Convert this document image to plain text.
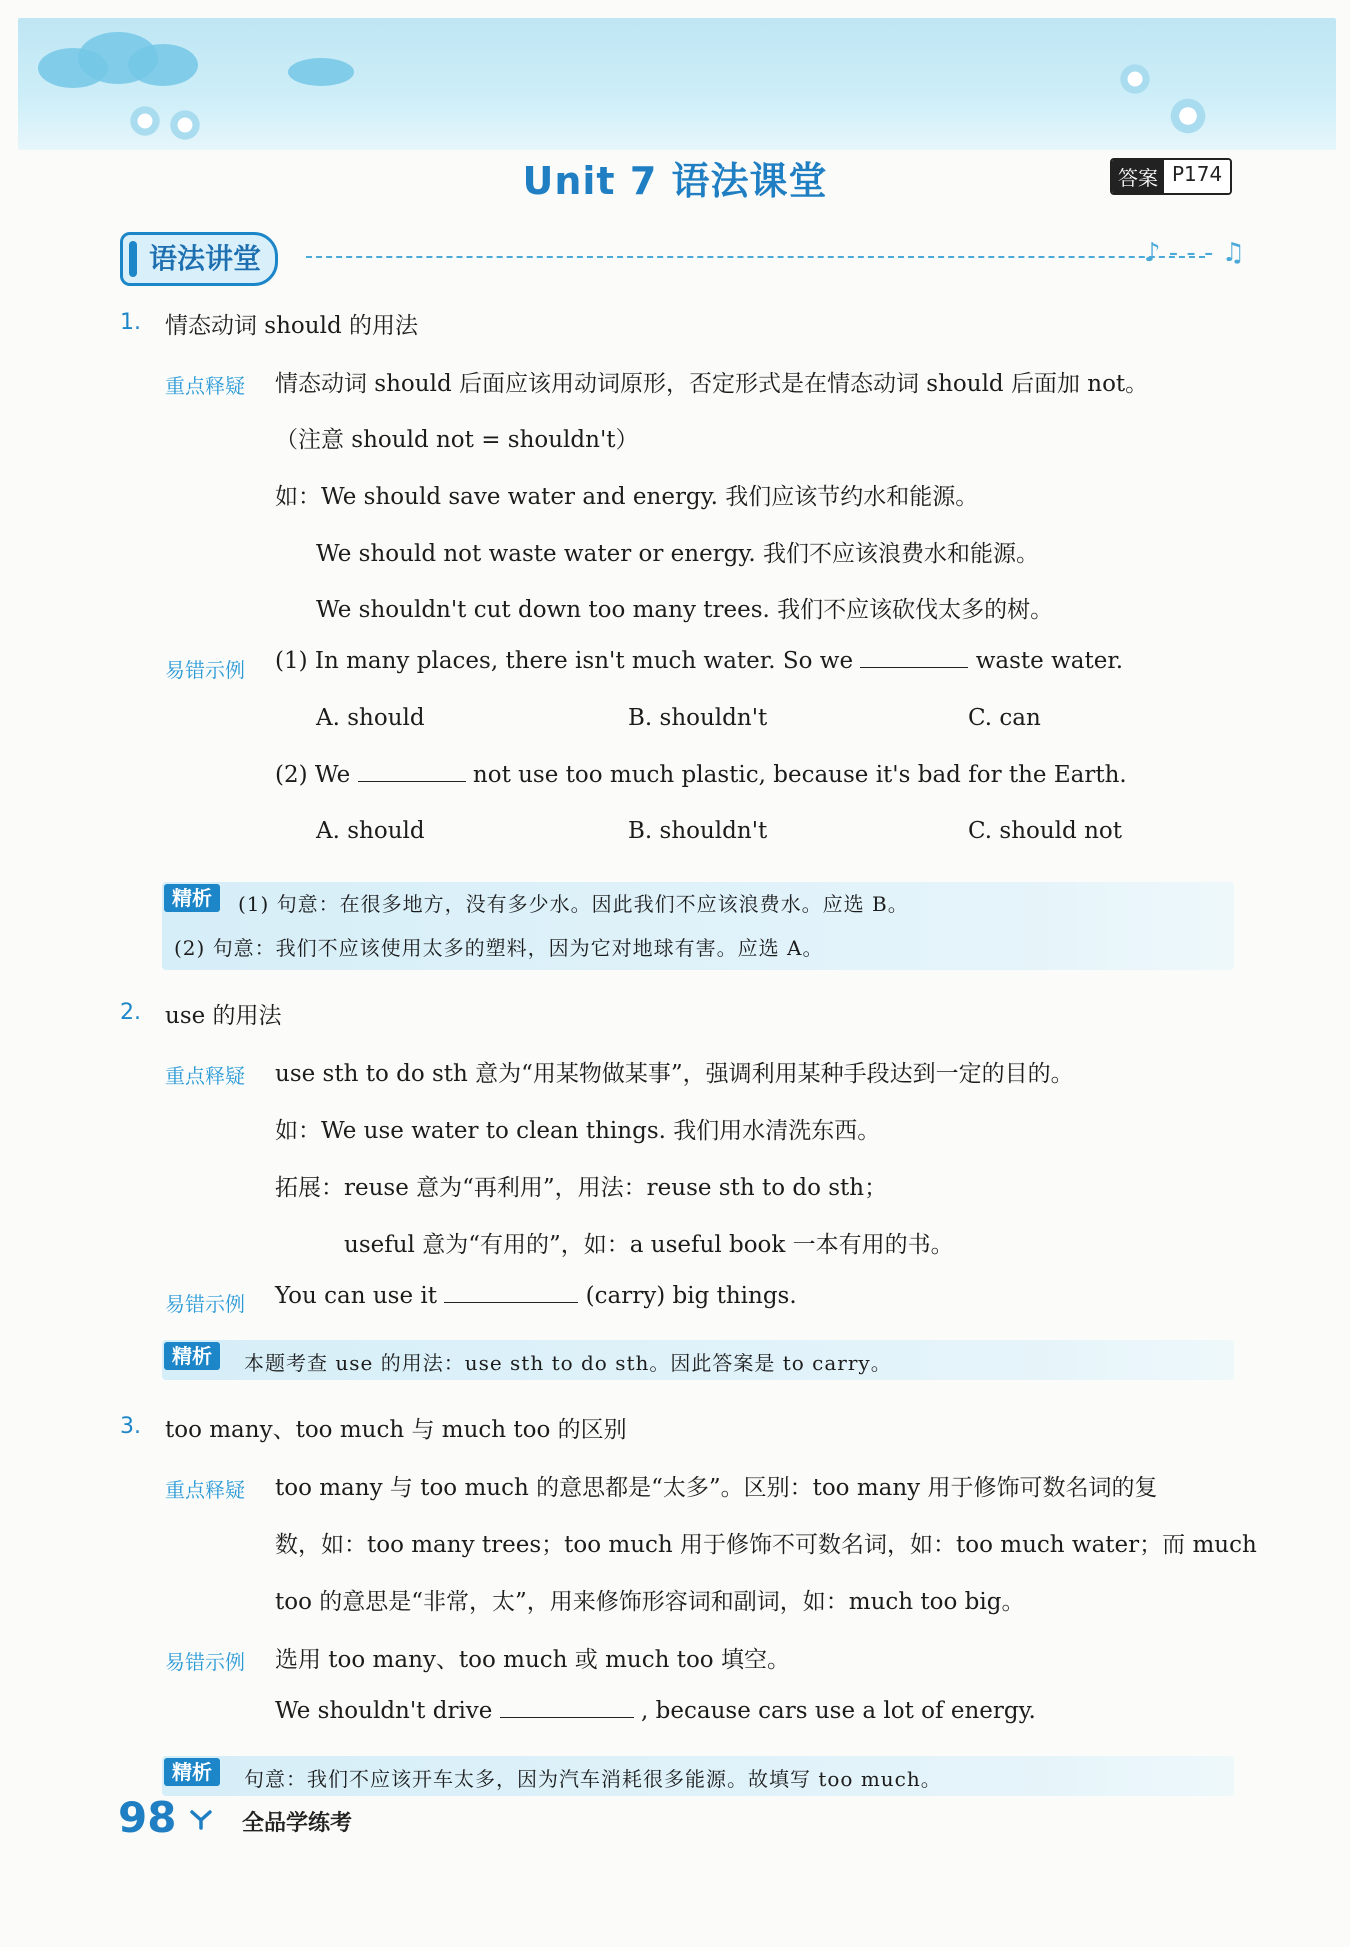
Unit 7 语法课堂	答案 P174
语法讲堂	♪ - - - ♫
1. 情态动词 should 的用法
重点释疑 情态动词 should 后面应该用动词原形，否定形式是在情态动词 should 后面加 not。
（注意 should not = shouldn't）
如：We should save water and energy. 我们应该节约水和能源。
We should not waste water or energy. 我们不应该浪费水和能源。
We shouldn't cut down too many trees. 我们不应该砍伐太多的树。
易错示例 (1) In many places, there isn't much water. So we	waste water.
A. should	B. shouldn't	C. can
(2) We	not use too much plastic, because it's bad for the Earth.
A. should	B. shouldn't	C. should not
精析	(1) 句意：在很多地方，没有多少水。因此我们不应该浪费水。应选 B。
(2) 句意：我们不应该使用太多的塑料，因为它对地球有害。应选 A。
2. use 的用法
重点释疑 use sth to do sth 意为“用某物做某事”，强调利用某种手段达到一定的目的。
如：We use water to clean things. 我们用水清洗东西。
拓展：reuse 意为“再利用”，用法：reuse sth to do sth；
useful 意为“有用的”，如：a useful book 一本有用的书。
易错示例 You can use it	(carry) big things.
精析	本题考查 use 的用法：use sth to do sth。因此答案是 to carry。
3. too many、too much 与 much too 的区别
重点释疑 too many 与 too much 的意思都是“太多”。区别：too many 用于修饰可数名词的复
数，如：too many trees；too much 用于修饰不可数名词，如：too much water；而 much
too 的意思是“非常，太”，用来修饰形容词和副词，如：much too big。
易错示例 选用 too many、too much 或 much too 填空。
We shouldn't drive	, because cars use a lot of energy.
精析	句意：我们不应该开车太多，因为汽车消耗很多能源。故填写 too much。
98	全品学练考
